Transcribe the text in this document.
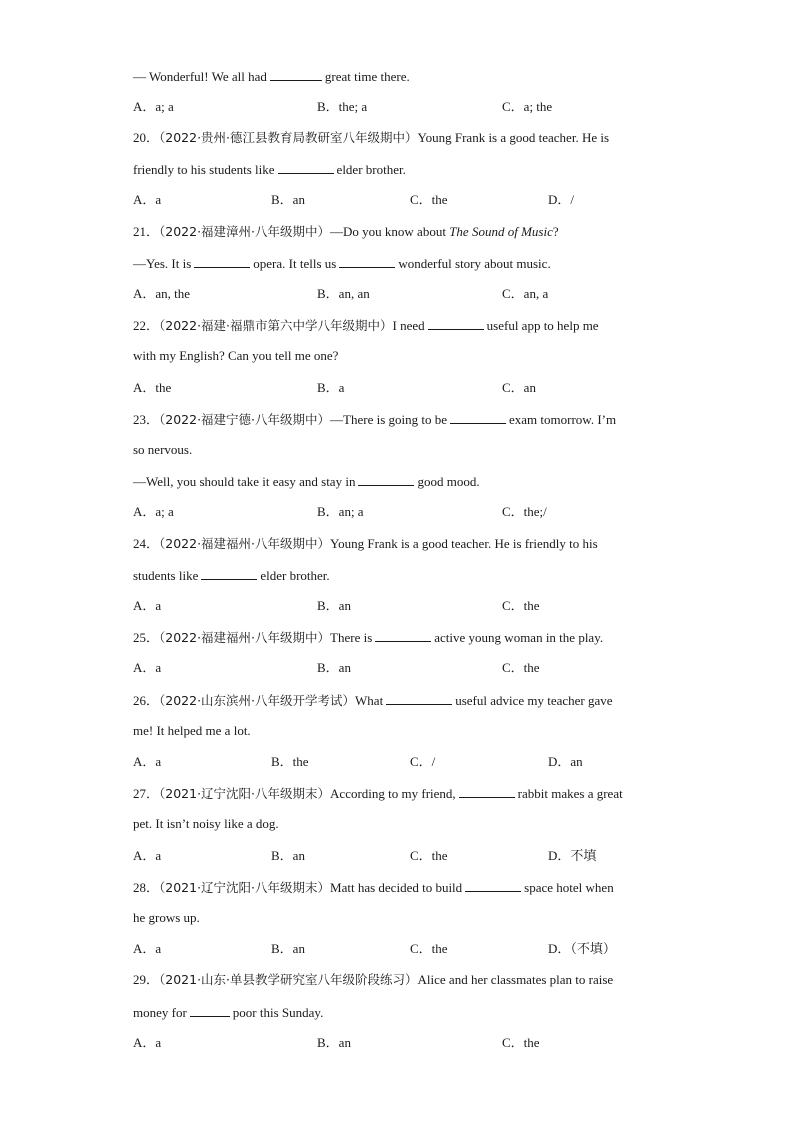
— Wonderful! We all had	great time there.
A．a; a	B．the; a	C．a; the
20．（2022·贵州·德江县教育局教研室八年级期中）Young Frank is a good teacher. He is
friendly to his students like	elder brother.
A．a	B．an	C．the	D．/
21．（2022·福建漳州·八年级期中）—Do you know about The Sound of Music?
—Yes. It is	opera. It tells us	wonderful story about music.
A．an, the	B．an, an	C．an, a
22．（2022·福建·福鼎市第六中学八年级期中）I need	useful app to help me
with my English? Can you tell me one?
A．the	B．a	C．an
23．（2022·福建宁德·八年级期中）—There is going to be	exam tomorrow. I’m
so nervous.
—Well, you should take it easy and stay in	good mood.
A．a; a	B．an; a	C．the;/
24．（2022·福建福州·八年级期中）Young Frank is a good teacher. He is friendly to his
students like	elder brother.
A．a	B．an	C．the
25．（2022·福建福州·八年级期中）There is	active young woman in the play.
A．a	B．an	C．the
26．（2022·山东滨州·八年级开学考试）What	useful advice my teacher gave
me! It helped me a lot.
A．a	B．the	C．/	D．an
27．（2021·辽宁沈阳·八年级期末）According to my friend,	rabbit makes a great
pet. It isn’t noisy like a dog.
A．a	B．an	C．the	D．不填
28．（2021·辽宁沈阳·八年级期末）Matt has decided to build	space hotel when
he grows up.
A．a	B．an	C．the	D．（不填）
29．（2021·山东·单县教学研究室八年级阶段练习）Alice and her classmates plan to raise
money for	poor this Sunday.
A．a	B．an	C．the
